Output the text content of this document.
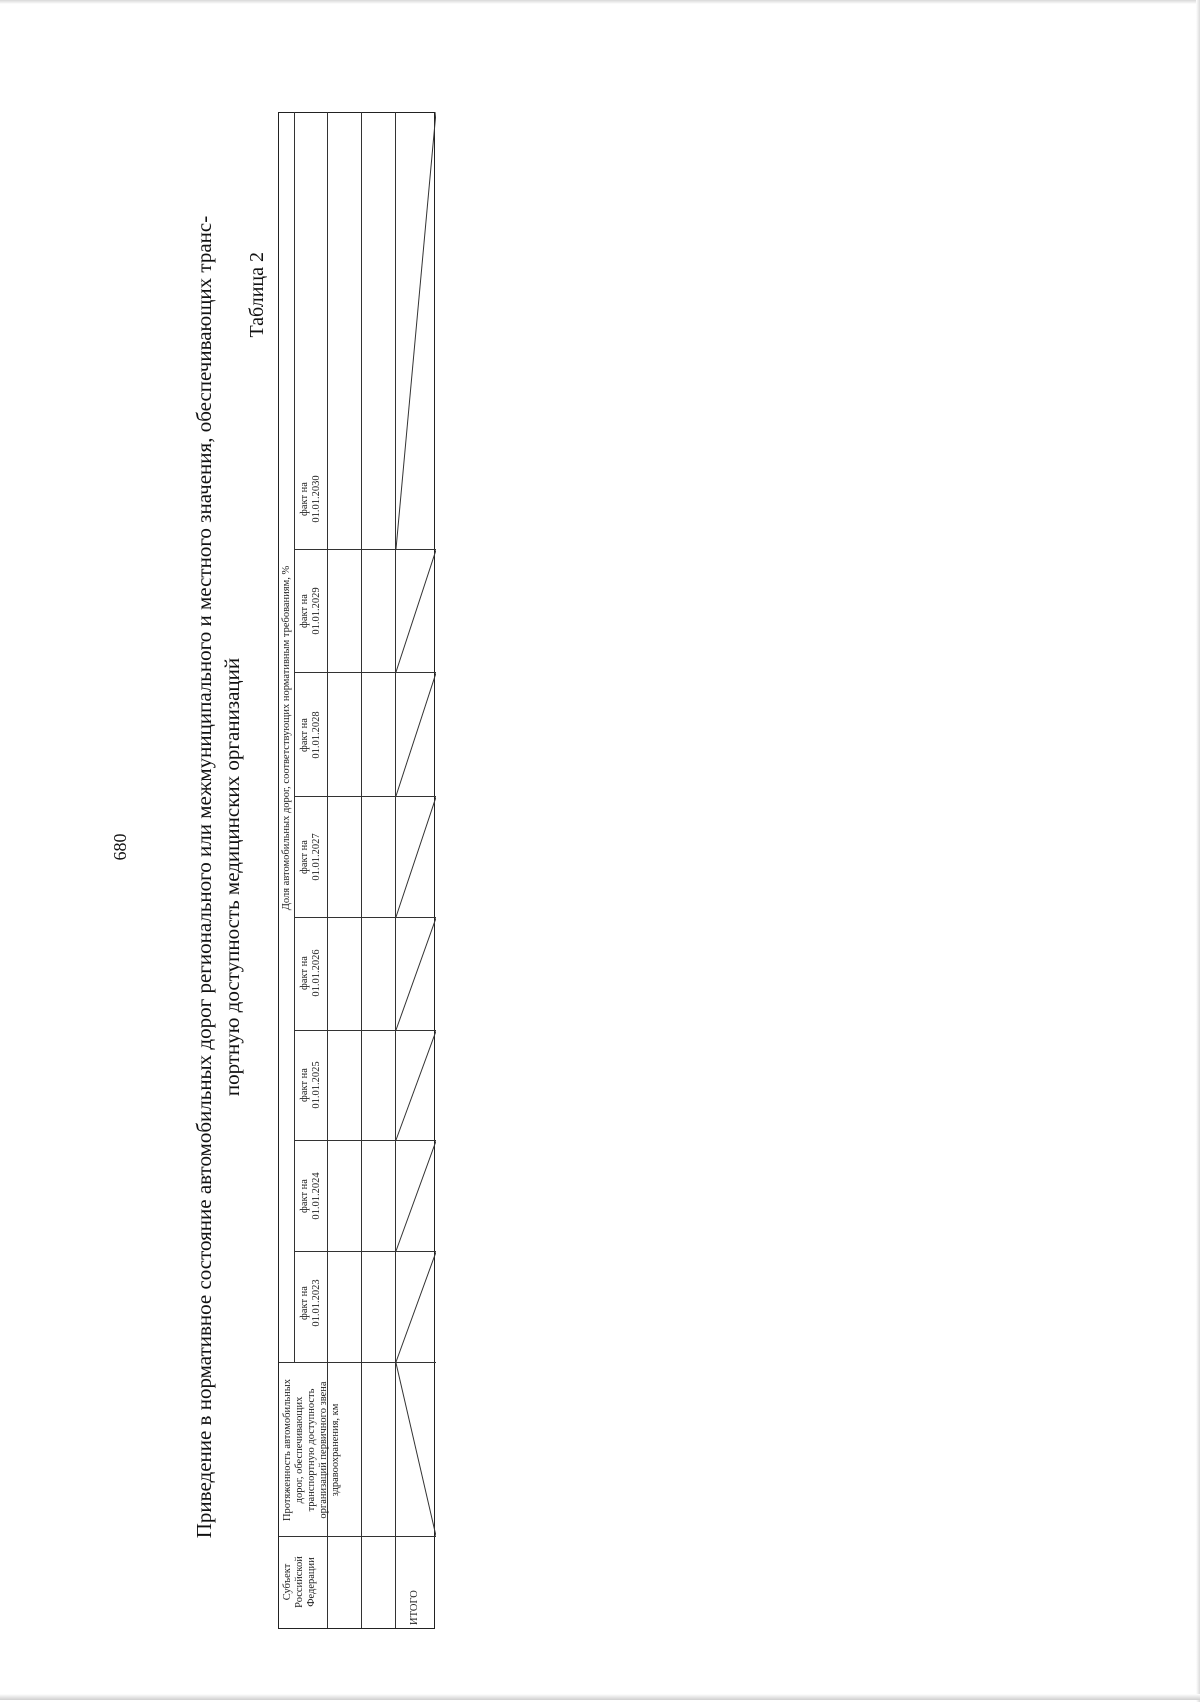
680	Приведение в нормативное состояние автомобильных дорог регионального или межмуниципального и местного значения, обеспечивающих транс- портную доступность медицинских организаций
Таблица 2
Субъект Российской Федерации
Протяженность автомобильных дорог, обеспечивающих транспортную доступность организаций первичного звена здравоохранения, км
Доля автомобильных дорог, соответствующих нормативным требованиям, %
факт на 01.01.2023
факт на 01.01.2024
факт на 01.01.2025
факт на 01.01.2026
факт на 01.01.2027
факт на 01.01.2028
факт на 01.01.2029
факт на 01.01.2030
ИТОГО
